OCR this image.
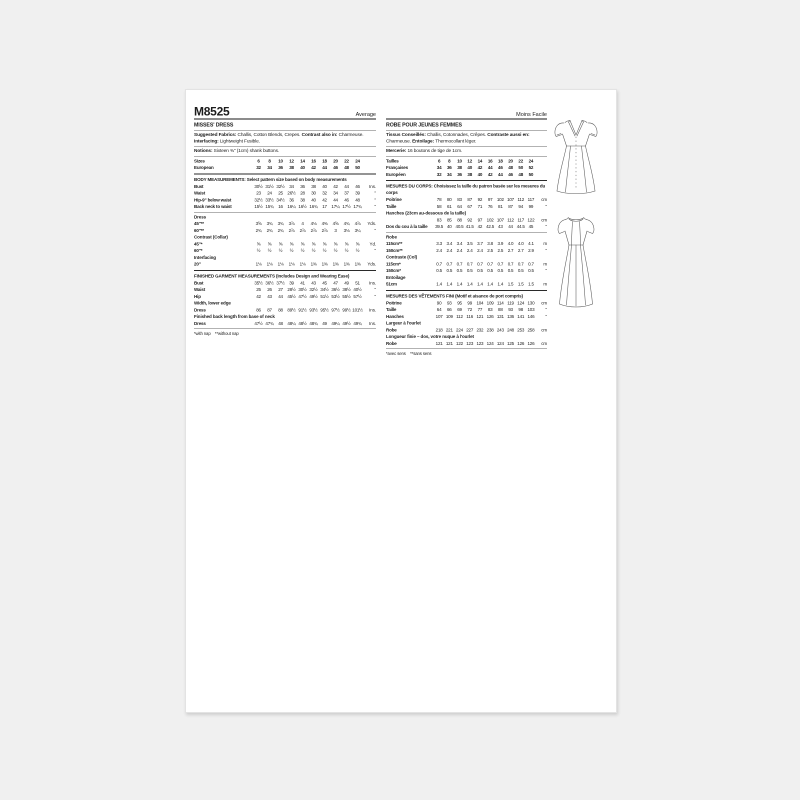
M8525	Average
MISSES' DRESS
Suggested Fabrics: Challis, Cotton Blends, Crepes. Contrast also in: Charmeuse. Interfacing: Lightweight Fusible.
Notions: Sixteen ⅜" (1cm) shank buttons.
Sizes	6 8 10 12 14 16 18 20 22 24
European	32 34 36 38 40 42 44 46 48 50
BODY MEASUREMENTS: Select pattern size based on body measurements
Bust	30½ 31½ 32½ 34 36 38 40 42 44 46	Ins.
Waist	23 24 25 26½ 28 30 32 34 37 39	"
Hip-9" below waist	32½ 33½ 34½ 36 38 40 42 44 46 48	"
Back neck to waist	15½ 15¾ 16 16¼ 16½ 16¾ 17 17¼ 17½ 17¾	"
Dress
45"**	3⅝ 3¾ 3¾ 3⅞ 4 4⅛ 4⅜ 4⅝ 4¾ 4⅞ Yds.
60"**	2¾ 2¾ 2¾ 2⅞ 2⅞ 2⅞ 2⅞ 3 3⅛ 3¼	"
Contrast (Collar)
45"*	⅝ ⅝ ⅝ ⅝ ⅝ ⅝ ⅝ ⅝ ⅝ ⅝	Yd.
60"*	½ ½ ½ ½ ½ ½ ½ ½ ½ ½	"
Interfacing
20"	1⅛ 1⅛ 1⅛ 1⅛ 1⅛ 1⅜ 1⅜ 1⅜ 1⅜ 1⅜ Yds.
FINISHED GARMENT MEASUREMENTS (Includes Design and Wearing Ease)
Bust	35½ 36½ 37½ 39 41 43 45 47 49 51	Ins.
Waist	25 26 27 28½ 30½ 32½ 34½ 36½ 38½ 40½	"
Hip	42 43 44 45½ 47½ 49½ 51½ 53½ 55½ 57½	"
Width, lower edge
Dress	86 87 88 89½ 91½ 93½ 95½ 97½ 99½ 101½ Ins.
Finished back length from base of neck
Dress	47½ 47¾ 48 48¼ 48½ 48¾ 49 49¼ 49½ 49¾ Ins.
*with nap    **without nap
Moins Facile
ROBE POUR JEUNES FEMMES
Tissus Conseillés: Challis, Cotonnades, Crêpes. Contraste aussi en: Charmeuse. Entoilage: Thermocollant léger.
Mercerie: 16 boutons de tige de 1cm.
Tailles	6 8 10 12 14 16 18 20 22 24
Françaises	34 36 38 40 42 44 46 48 50 52
Européen	32 34 36 38 40 42 44 46 48 50
MESURES DU CORPS: Choisissez la taille du patron basée sur les mesures du corps
Poitrine	78 80 83 87 92 97 102 107 112 117 cm
Taille	58 61 64 67 71 76 81 87 94 99	"
Hanches (23cm au-dessous de la taille)
83 85 88 92 97 102 107 112 117 122 cm
Dos du cou à la taille 39.5 40 40.5 41.5 42 42.5 43 44 44.5 45	"
Robe
115cm**	3.3 3.4 3.4 3.5 3.7 3.8 3.9 4.0 4.0 4.1	m
150cm**	2.4 2.4 2.4 2.4 2.4 2.5 2.5 2.7 2.7 2.9	"
Contraste (Col)
115cm*	0.7 0.7 0.7 0.7 0.7 0.7 0.7 0.7 0.7 0.7	m
150cm*	0.5 0.5 0.5 0.5 0.5 0.5 0.5 0.5 0.5 0.5	"
Entoilage
51cm	1.4 1.4 1.4 1.4 1.4 1.4 1.4 1.5 1.5 1.5	m
MESURES DES VÊTEMENTS FINI (Motif et aisance de port compris)
Poitrine	90 93 95 99 104 109 114 119 124 130 cm
Taille	64 66 69 72 77 83 88 93 98 103	"
Hanches	107 109 112 116 121 126 131 136 141 146	"
Largeur à l'ourlet
Robe	218 221 224 227 232 238 243 248 253 258 cm
Longueur finie – dos, votre nuque à l'ourlet
Robe	121 121 122 123 123 124 124 125 126 126 cm
*avec sens    **sans sens
